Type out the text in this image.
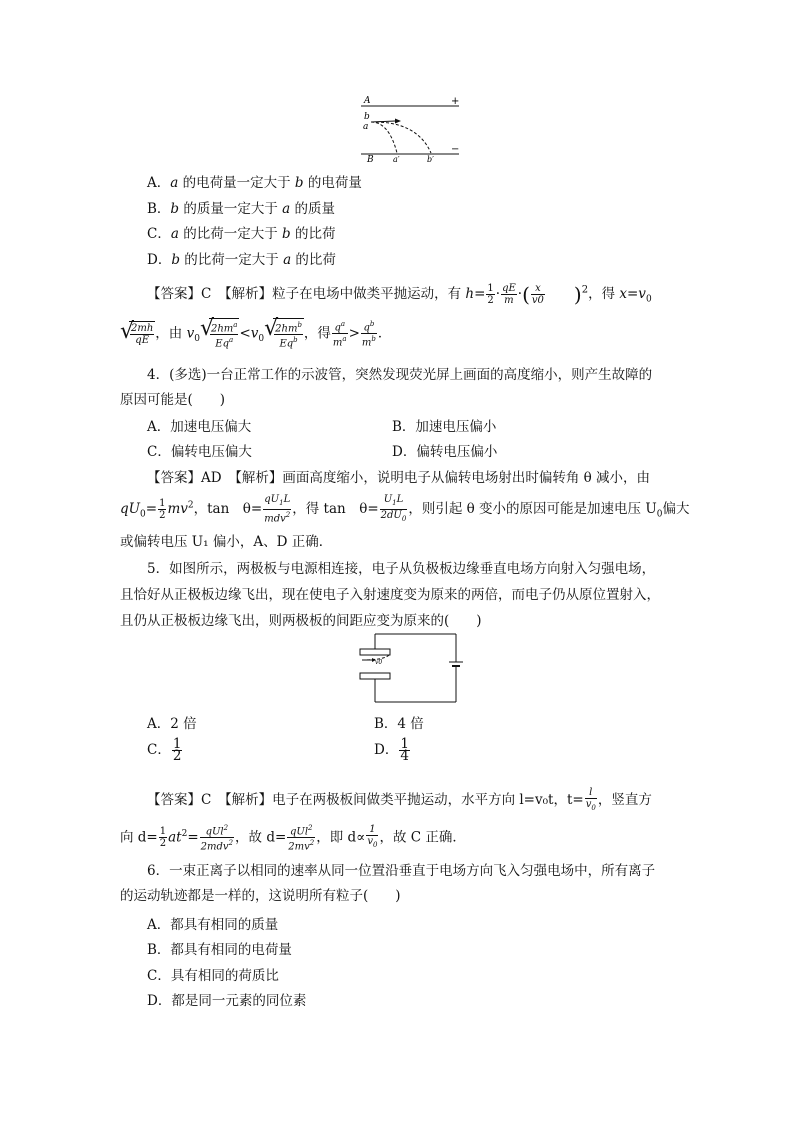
A	+
b
a
B a′	b′
−
A．a 的电荷量一定大于 b 的电荷量
B．b 的质量一定大于 a 的质量
C．a 的比荷一定大于 b 的比荷
D．b 的比荷一定大于 a 的比荷
【答案】C　【解析】粒子在电场中做类平抛运动，有 $h= \frac{1}{2} \cdot \frac{qE}{m}$ ·( $\frac{x}{v0} )^2$，得 $x=v_0$
√
$\frac{2mh}{qE}$ ，由 $v_0$ √
$\frac{2hm^a}{Eq^a} <v_0$ √
$\frac{2hm^b}{Eq^b}$ ，得 $\frac{q^a}{m^a} > \frac{q^b}{m^b}$ ．
4．(多选)一台正常工作的示波管，突然发现荧光屏上画面的高度缩小，则产生故障的
原因可能是(　　)
A．加速电压偏大	B．加速电压偏小
C．偏转电压偏大	D．偏转电压偏小
【答案】AD　【解析】画面高度缩小，说明电子从偏转电场射出时偏转角 θ 减小，由
$qU_0= \frac{1}{2} mv^2$，tan　$\theta= \frac{qU_1L}{mdv^2}$ ，得 tan　$\theta= \frac{U_1L}{2dU_0}$ ，则引起 θ 变小的原因可能是加速电压 $U_0$偏大
或偏转电压 U₁ 偏小，A、D 正确．
5．如图所示，两极板与电源相连接，电子从负极板边缘垂直电场方向射入匀强电场，
且恰好从正极板边缘飞出，现在使电子入射速度变为原来的两倍，而电子仍从原位置射入，
且仍从正极板边缘飞出，则两极板的间距应变为原来的(　　)
v0
A．2 倍	B．4 倍
C． $\frac{1}{2}$	D． $\frac{1}{4}$
【答案】C　【解析】电子在两极板间做类平抛运动，水平方向 l=v₀t，$t= \frac{l}{v_0}$ ，竖直方
向 $d= \frac{1}{2} at^2= \frac{qUl^2}{2mdv^2}$ ，故 $d= \frac{qUl^2}{2mv^2}$ ，即 $d\propto \frac{1}{v_0}$ ，故 C 正确．
6．一束正离子以相同的速率从同一位置沿垂直于电场方向飞入匀强电场中，所有离子
的运动轨迹都是一样的，这说明所有粒子(　　)
A．都具有相同的质量
B．都具有相同的电荷量
C．具有相同的荷质比
D．都是同一元素的同位素
